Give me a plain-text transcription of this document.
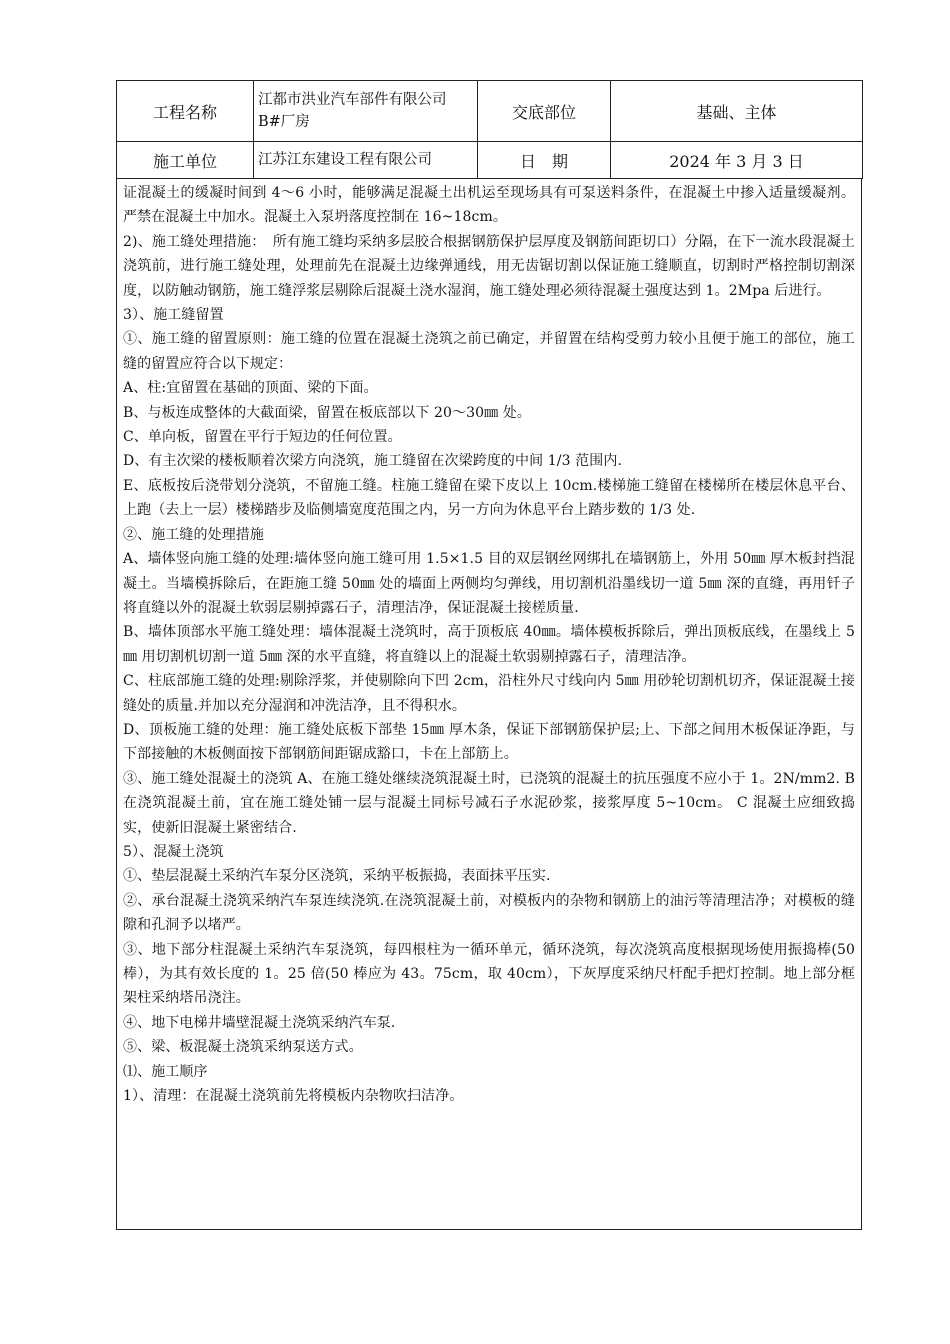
工程名称	江都市洪业汽车部件有限公司 B#厂房	交底部位	基础、主体
施工单位	江苏江东建设工程有限公司	日　期	2024 年 3 月 3 日

证混凝土的缓凝时间到 4～6 小时，能够满足混凝土出机运至现场具有可泵送料条件，在混凝土中掺入适量缓凝剂。严禁在混凝土中加水。混凝土入泵坍落度控制在 16~18cm。

2)、施工缝处理措施：　所有施工缝均采纳多层胶合根据钢筋保护层厚度及钢筋间距切口）分隔，在下一流水段混凝土浇筑前，进行施工缝处理，处理前先在混凝土边缘弹通线，用无齿锯切割以保证施工缝顺直，切割时严格控制切割深度，以防触动钢筋，施工缝浮浆层剔除后混凝土浇水湿润，施工缝处理必须待混凝土强度达到 1。2Mpa 后进行。

3）、施工缝留置

①、施工缝的留置原则：施工缝的位置在混凝土浇筑之前已确定，并留置在结构受剪力较小且便于施工的部位，施工缝的留置应符合以下规定：

A、柱:宜留置在基础的顶面、梁的下面。

B、与板连成整体的大截面梁，留置在板底部以下 20～30㎜ 处。

C、单向板，留置在平行于短边的任何位置。

D、有主次梁的楼板顺着次梁方向浇筑，施工缝留在次梁跨度的中间 1/3 范围内.

E、底板按后浇带划分浇筑，不留施工缝。柱施工缝留在梁下皮以上 10cm.楼梯施工缝留在楼梯所在楼层休息平台、上跑（去上一层）楼梯踏步及临侧墙宽度范围之内，另一方向为休息平台上踏步数的 1/3 处.

②、施工缝的处理措施

A、墙体竖向施工缝的处理:墙体竖向施工缝可用 1.5×1.5 目的双层钢丝网绑扎在墙钢筋上，外用 50㎜ 厚木板封挡混凝土。当墙模拆除后，在距施工缝 50㎜ 处的墙面上两侧均匀弹线，用切割机沿墨线切一道 5㎜ 深的直缝，再用钎子将直缝以外的混凝土软弱层剔掉露石子，清理洁净，保证混凝土接槎质量.

B、墙体顶部水平施工缝处理：墙体混凝土浇筑时，高于顶板底 40㎜。墙体模板拆除后，弹出顶板底线，在墨线上 5㎜ 用切割机切割一道 5㎜ 深的水平直缝，将直缝以上的混凝土软弱剔掉露石子，清理洁净。

C、柱底部施工缝的处理:剔除浮浆，并使剔除向下凹 2cm，沿柱外尺寸线向内 5㎜ 用砂轮切割机切齐，保证混凝土接缝处的质量.并加以充分湿润和冲洗洁净，且不得积水。

D、顶板施工缝的处理：施工缝处底板下部垫 15㎜ 厚木条，保证下部钢筋保护层;上、下部之间用木板保证净距，与下部接触的木板侧面按下部钢筋间距锯成豁口，卡在上部筋上。

③、施工缝处混凝土的浇筑 A、在施工缝处继续浇筑混凝土时，已浇筑的混凝土的抗压强度不应小于 1。2N/mm2. B 在浇筑混凝土前，宜在施工缝处铺一层与混凝土同标号减石子水泥砂浆，接浆厚度 5~10cm。 C 混凝土应细致捣实，使新旧混凝土紧密结合.

5）、混凝土浇筑

①、垫层混凝土采纳汽车泵分区浇筑，采纳平板振捣，表面抹平压实.

②、承台混凝土浇筑采纳汽车泵连续浇筑.在浇筑混凝土前，对模板内的杂物和钢筋上的油污等清理洁净；对模板的缝隙和孔洞予以堵严。

③、地下部分柱混凝土采纳汽车泵浇筑，每四根柱为一循环单元，循环浇筑，每次浇筑高度根据现场使用振捣棒(50 棒），为其有效长度的 1。25 倍(50 棒应为 43。75cm，取 40cm），下灰厚度采纳尺杆配手把灯控制。地上部分框架柱采纳塔吊浇注。

④、地下电梯井墙壁混凝土浇筑采纳汽车泵.

⑤、梁、板混凝土浇筑采纳泵送方式。

⑴、施工顺序

1）、清理：在混凝土浇筑前先将模板内杂物吹扫洁净。
